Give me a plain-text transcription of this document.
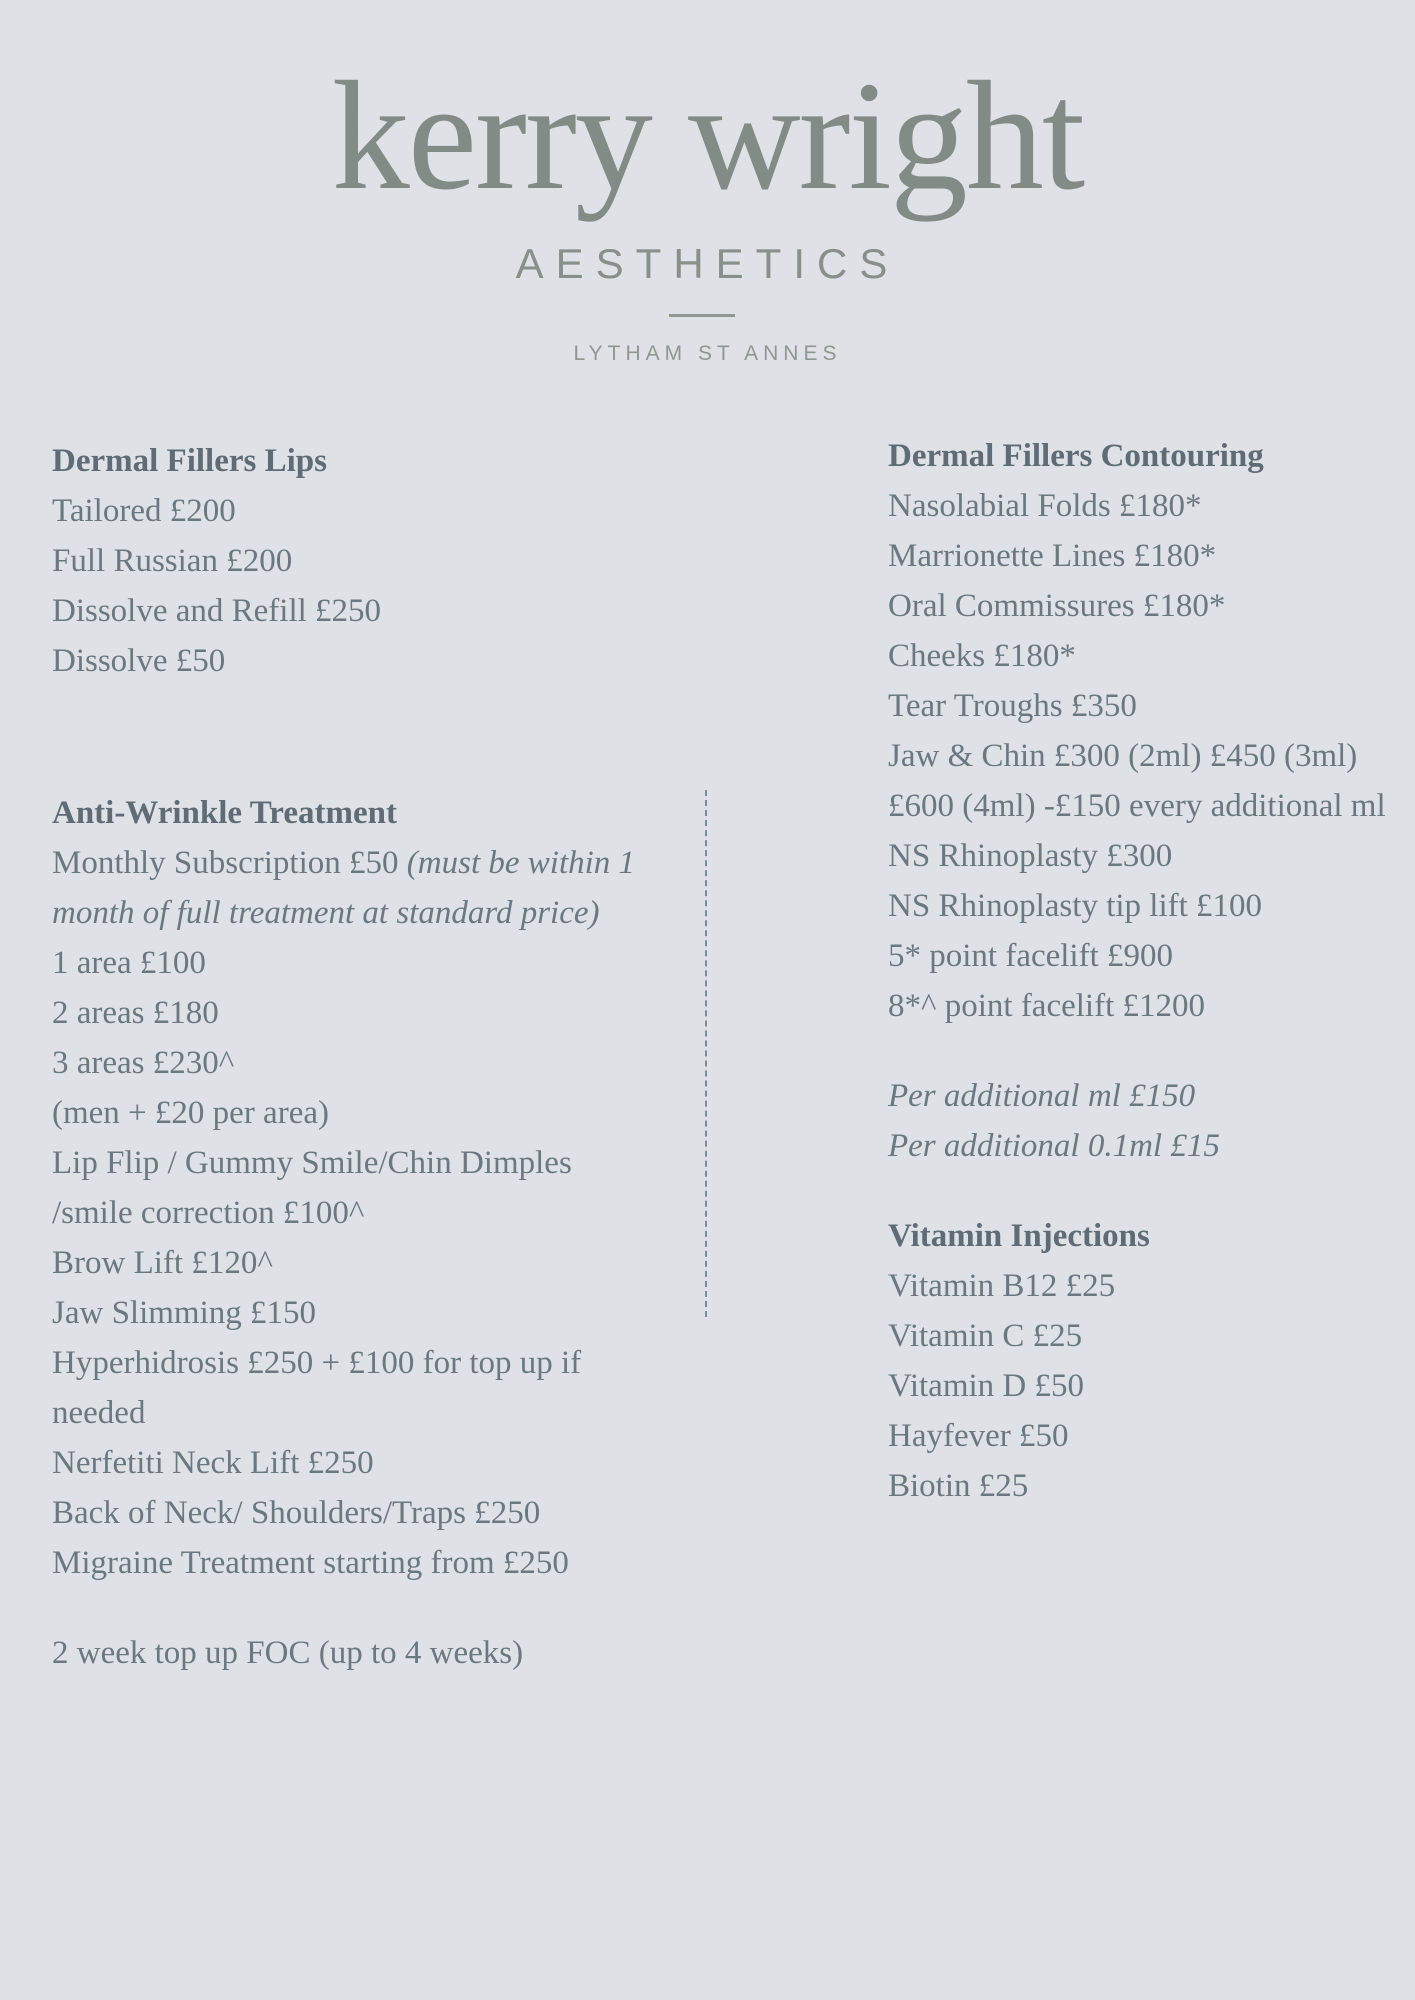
kerry wright
AESTHETICS
LYTHAM ST ANNES
Dermal Fillers Lips
Tailored £200
Full Russian £200
Dissolve and Refill £250
Dissolve £50
Anti-Wrinkle Treatment
Monthly Subscription £50 (must be within 1 month of full treatment at standard price)
1 area £100
2 areas £180
3 areas £230^
(men + £20 per area)
Lip Flip / Gummy Smile/Chin Dimples /smile correction £100^
Brow Lift £120^
Jaw Slimming £150
Hyperhidrosis £250 + £100 for top up if needed
Nerfetiti Neck Lift £250
Back of Neck/ Shoulders/Traps £250
Migraine Treatment starting from £250
2 week top up FOC (up to 4 weeks)
Dermal Fillers Contouring
Nasolabial Folds £180*
Marrionette Lines £180*
Oral Commissures £180*
Cheeks £180*
Tear Troughs £350
Jaw & Chin £300 (2ml) £450 (3ml)
£600 (4ml) -£150 every additional ml
NS Rhinoplasty £300
NS Rhinoplasty tip lift £100
5* point facelift £900
8*^ point facelift £1200
Per additional ml £150
Per additional 0.1ml £15
Vitamin Injections
Vitamin B12 £25
Vitamin C £25
Vitamin D £50
Hayfever £50
Biotin £25
